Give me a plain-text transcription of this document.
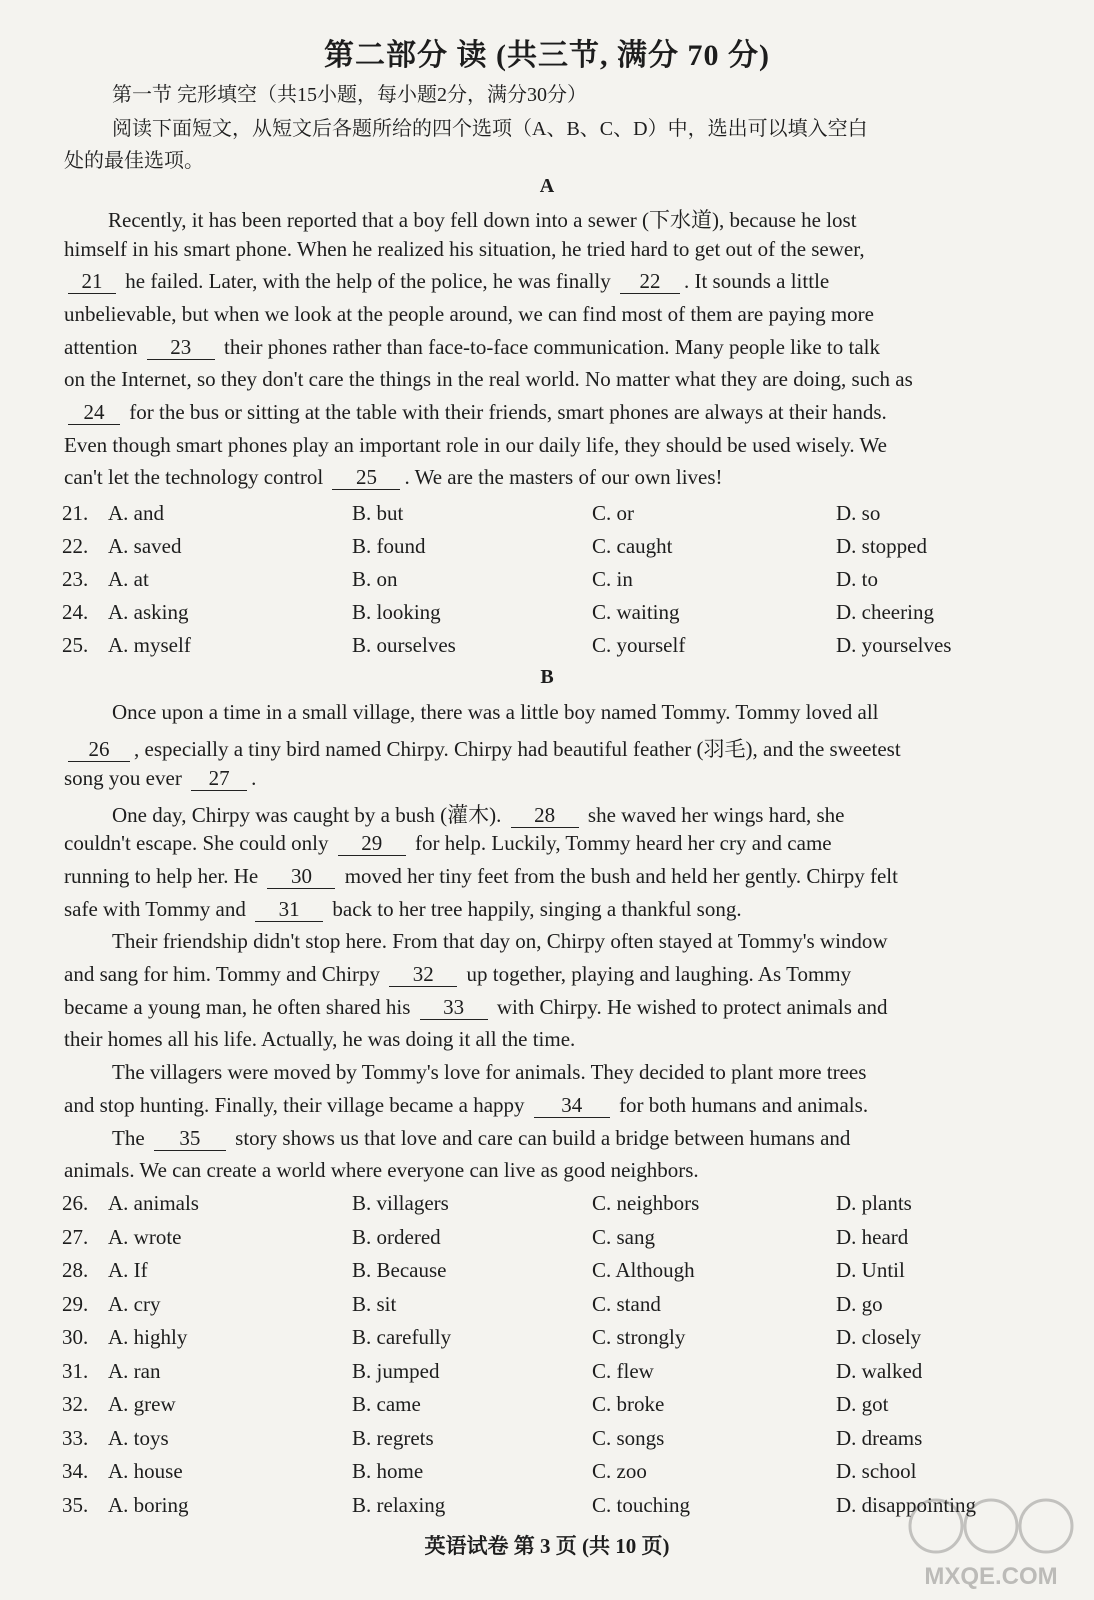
第二部分 读 (共三节, 满分 70 分)
第一节 完形填空（共15小题，每小题2分，满分30分）
阅读下面短文，从短文后各题所给的四个选项（A、B、C、D）中，选出可以填入空白
处的最佳选项。
A
Recently, it has been reported that a boy fell down into a sewer (下水道), because he lost
himself in his smart phone. When he realized his situation, he tried hard to get out of the sewer,
21 he failed. Later, with the help of the police, he was finally 22 . It sounds a little
unbelievable, but when we look at the people around, we can find most of them are paying more
attention 23 their phones rather than face-to-face communication. Many people like to talk
on the Internet, so they don't care the things in the real world. No matter what they are doing, such as
24 for the bus or sitting at the table with their friends, smart phones are always at their hands.
Even though smart phones play an important role in our daily life, they should be used wisely. We
can't let the technology control 25 . We are the masters of our own lives!
21. A. and	B. but	C. or	D. so
22. A. saved	B. found	C. caught	D. stopped
23. A. at	B. on	C. in	D. to
24. A. asking	B. looking	C. waiting	D. cheering
25. A. myself	B. ourselves	C. yourself	D. yourselves
B
Once upon a time in a small village, there was a little boy named Tommy. Tommy loved all
26 , especially a tiny bird named Chirpy. Chirpy had beautiful feather (羽毛), and the sweetest
song you ever 27 .
One day, Chirpy was caught by a bush (灌木). 28 she waved her wings hard, she
couldn't escape. She could only 29 for help. Luckily, Tommy heard her cry and came
running to help her. He 30 moved her tiny feet from the bush and held her gently. Chirpy felt
safe with Tommy and 31 back to her tree happily, singing a thankful song.
Their friendship didn't stop here. From that day on, Chirpy often stayed at Tommy's window
and sang for him. Tommy and Chirpy 32 up together, playing and laughing. As Tommy
became a young man, he often shared his 33 with Chirpy. He wished to protect animals and
their homes all his life. Actually, he was doing it all the time.
The villagers were moved by Tommy's love for animals. They decided to plant more trees
and stop hunting. Finally, their village became a happy 34 for both humans and animals.
The 35 story shows us that love and care can build a bridge between humans and
animals. We can create a world where everyone can live as good neighbors.
26. A. animals	B. villagers	C. neighbors	D. plants
27. A. wrote	B. ordered	C. sang	D. heard
28. A. If	B. Because	C. Although	D. Until
29. A. cry	B. sit	C. stand	D. go
30. A. highly	B. carefully	C. strongly	D. closely
31. A. ran	B. jumped	C. flew	D. walked
32. A. grew	B. came	C. broke	D. got
33. A. toys	B. regrets	C. songs	D. dreams
34. A. house	B. home	C. zoo	D. school
35. A. boring	B. relaxing	C. touching	D. disappointing
英语试卷 第 3 页 (共 10 页)
MXQE.COM
